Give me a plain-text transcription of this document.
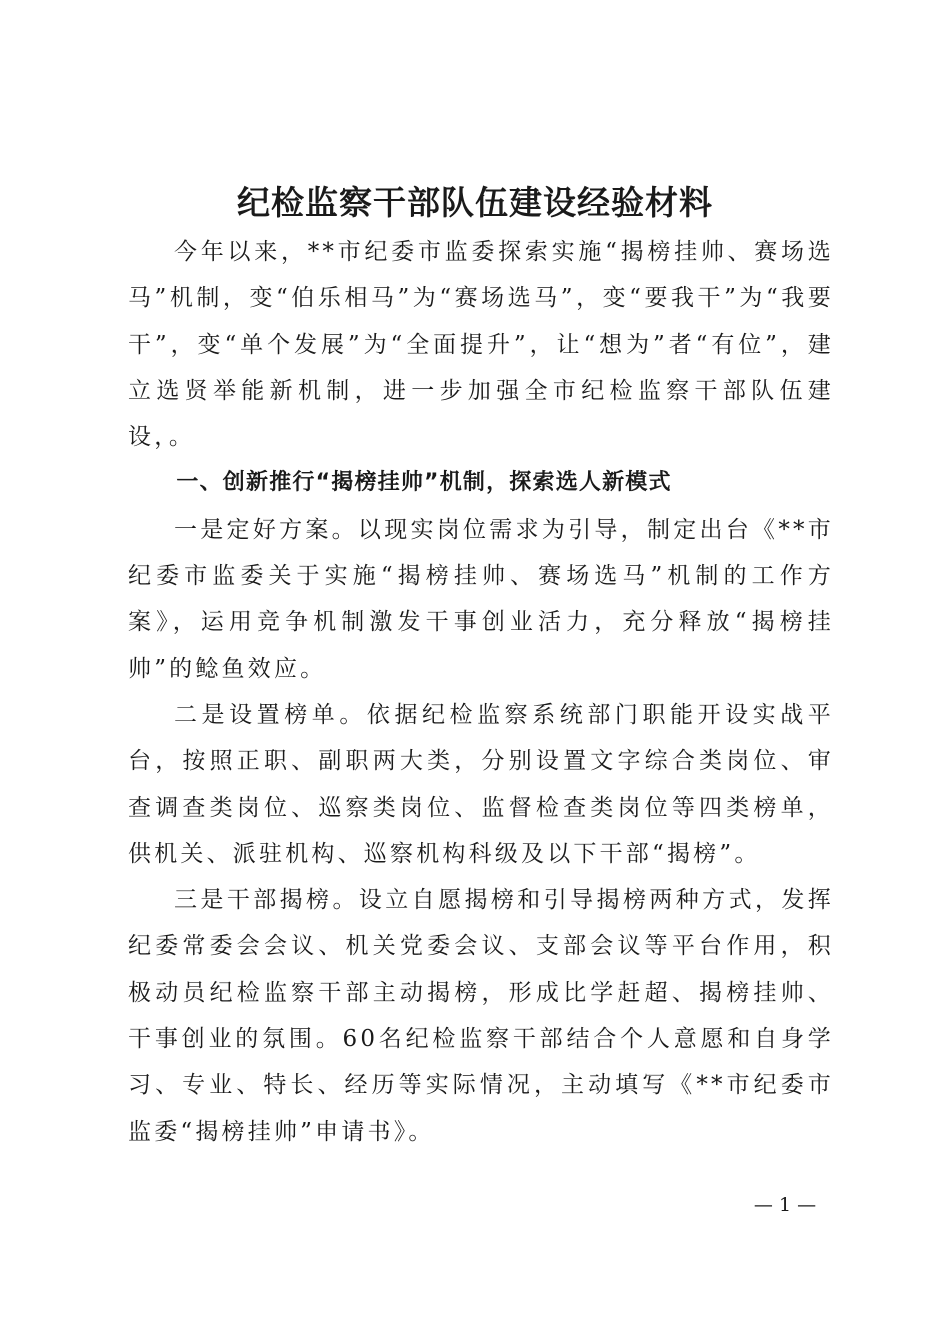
纪检监察干部队伍建设经验材料

今年以来，**市纪委市监委探索实施“揭榜挂帅、赛场选马”机制，变“伯乐相马”为“赛场选马”，变“要我干”为“我要干”，变“单个发展”为“全面提升”，让“想为”者“有位”，建立选贤举能新机制，进一步加强全市纪检监察干部队伍建设，。

一、创新推行“揭榜挂帅”机制，探索选人新模式

一是定好方案。以现实岗位需求为引导，制定出台《**市纪委市监委关于实施“揭榜挂帅、赛场选马”机制的工作方案》，运用竞争机制激发干事创业活力，充分释放“揭榜挂帅”的鲶鱼效应。

二是设置榜单。依据纪检监察系统部门职能开设实战平台，按照正职、副职两大类，分别设置文字综合类岗位、审查调查类岗位、巡察类岗位、监督检查类岗位等四类榜单，供机关、派驻机构、巡察机构科级及以下干部“揭榜”。

三是干部揭榜。设立自愿揭榜和引导揭榜两种方式，发挥纪委常委会会议、机关党委会议、支部会议等平台作用，积极动员纪检监察干部主动揭榜，形成比学赶超、揭榜挂帅、干事创业的氛围。60名纪检监察干部结合个人意愿和自身学习、专业、特长、经历等实际情况，主动填写《**市纪委市监委“揭榜挂帅”申请书》。

— 1 —
